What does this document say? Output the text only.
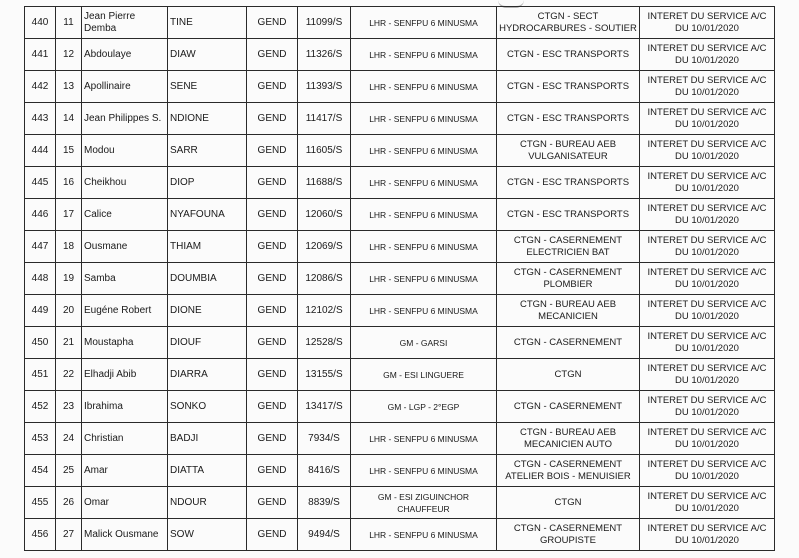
440	11	Jean Pierre Demba	TINE	GEND	11099/S	LHR - SENFPU 6 MINUSMA	CTGN - SECT HYDROCARBURES - SOUTIER	INTERET DU SERVICE A/C DU 10/01/2020
441	12	Abdoulaye	DIAW	GEND	11326/S	LHR - SENFPU 6 MINUSMA	CTGN - ESC TRANSPORTS	INTERET DU SERVICE A/C DU 10/01/2020
442	13	Apollinaire	SENE	GEND	11393/S	LHR - SENFPU 6 MINUSMA	CTGN - ESC TRANSPORTS	INTERET DU SERVICE A/C DU 10/01/2020
443	14	Jean Philippes S.	NDIONE	GEND	11417/S	LHR - SENFPU 6 MINUSMA	CTGN - ESC TRANSPORTS	INTERET DU SERVICE A/C DU 10/01/2020
444	15	Modou	SARR	GEND	11605/S	LHR - SENFPU 6 MINUSMA	CTGN - BUREAU AEB VULGANISATEUR	INTERET DU SERVICE A/C DU 10/01/2020
445	16	Cheikhou	DIOP	GEND	11688/S	LHR - SENFPU 6 MINUSMA	CTGN - ESC TRANSPORTS	INTERET DU SERVICE A/C DU 10/01/2020
446	17	Calice	NYAFOUNA	GEND	12060/S	LHR - SENFPU 6 MINUSMA	CTGN - ESC TRANSPORTS	INTERET DU SERVICE A/C DU 10/01/2020
447	18	Ousmane	THIAM	GEND	12069/S	LHR - SENFPU 6 MINUSMA	CTGN - CASERNEMENT ELECTRICIEN BAT	INTERET DU SERVICE A/C DU 10/01/2020
448	19	Samba	DOUMBIA	GEND	12086/S	LHR - SENFPU 6 MINUSMA	CTGN - CASERNEMENT PLOMBIER	INTERET DU SERVICE A/C DU 10/01/2020
449	20	Eugéne Robert	DIONE	GEND	12102/S	LHR - SENFPU 6 MINUSMA	CTGN - BUREAU AEB MECANICIEN	INTERET DU SERVICE A/C DU 10/01/2020
450	21	Moustapha	DIOUF	GEND	12528/S	GM - GARSI	CTGN - CASERNEMENT	INTERET DU SERVICE A/C DU 10/01/2020
451	22	Elhadji Abib	DIARRA	GEND	13155/S	GM - ESI LINGUERE	CTGN	INTERET DU SERVICE A/C DU 10/01/2020
452	23	Ibrahima	SONKO	GEND	13417/S	GM - LGP - 2°EGP	CTGN - CASERNEMENT	INTERET DU SERVICE A/C DU 10/01/2020
453	24	Christian	BADJI	GEND	7934/S	LHR - SENFPU 6 MINUSMA	CTGN - BUREAU AEB MECANICIEN AUTO	INTERET DU SERVICE A/C DU 10/01/2020
454	25	Amar	DIATTA	GEND	8416/S	LHR - SENFPU 6 MINUSMA	CTGN - CASERNEMENT ATELIER BOIS - MENUISIER	INTERET DU SERVICE A/C DU 10/01/2020
455	26	Omar	NDOUR	GEND	8839/S	GM - ESI ZIGUINCHOR CHAUFFEUR	CTGN	INTERET DU SERVICE A/C DU 10/01/2020
456	27	Malick Ousmane	SOW	GEND	9494/S	LHR - SENFPU 6 MINUSMA	CTGN - CASERNEMENT GROUPISTE	INTERET DU SERVICE A/C DU 10/01/2020
